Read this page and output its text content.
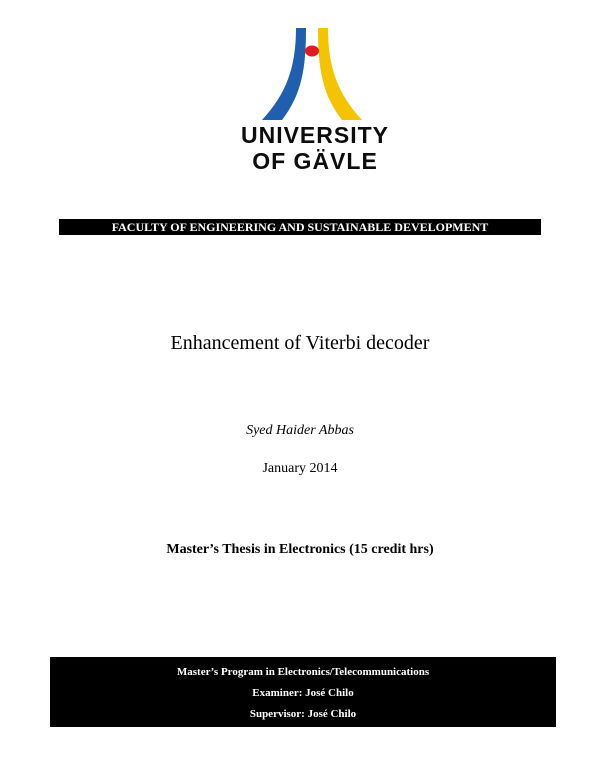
UNIVERSITY
OF GÄVLE
FACULTY OF ENGINEERING AND SUSTAINABLE DEVELOPMENT
Enhancement of Viterbi decoder
Syed Haider Abbas
January 2014
Master’s Thesis in Electronics (15 credit hrs)
Master’s Program in Electronics/Telecommunications
Examiner: José Chilo
Supervisor: José Chilo
